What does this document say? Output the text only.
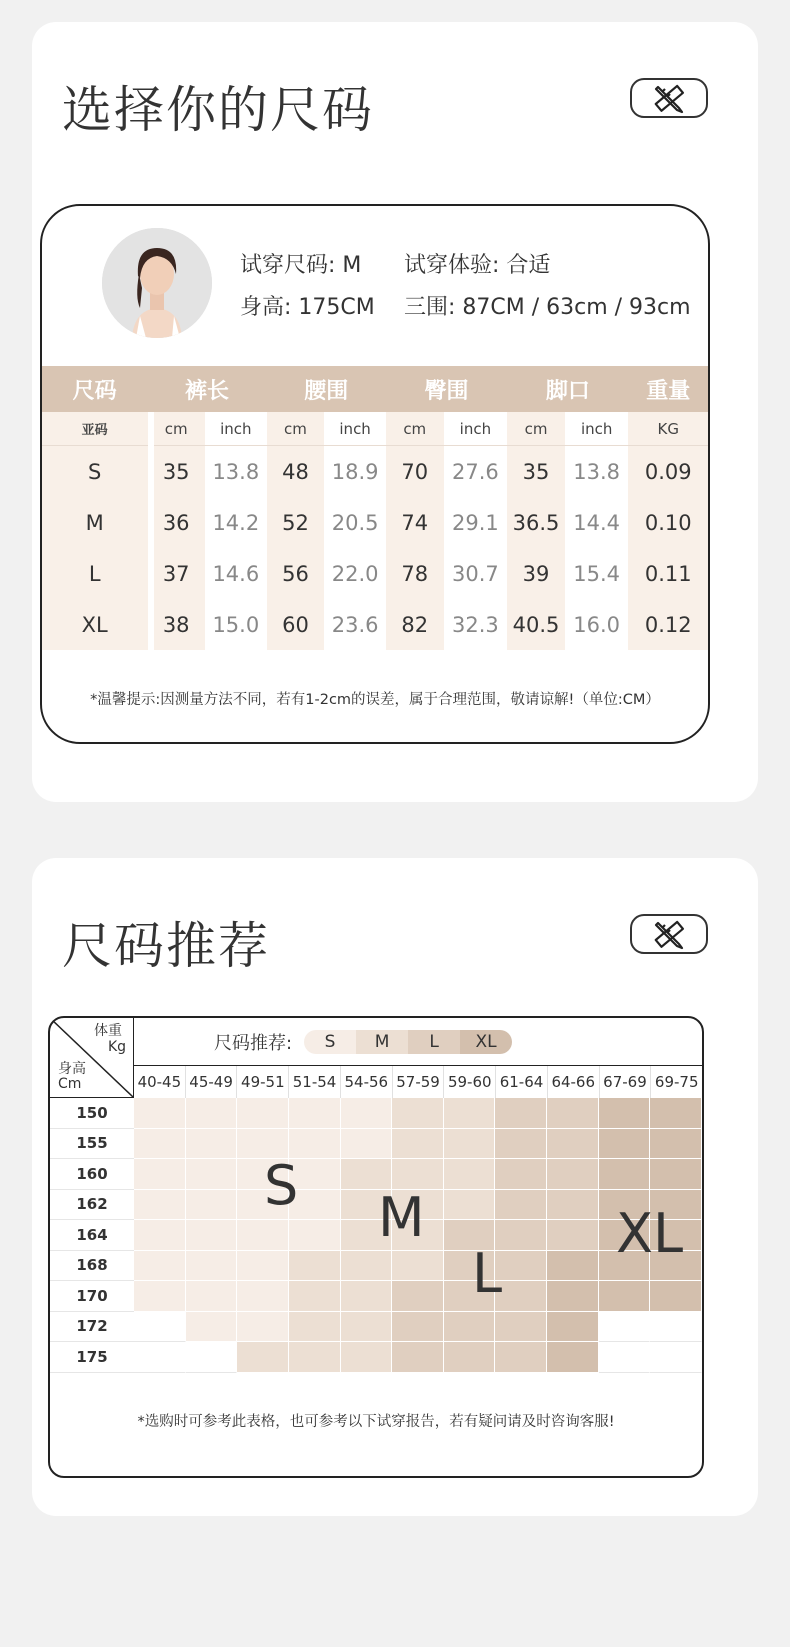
选择你的尺码
试穿尺码: M 试穿体验: 合适
身高: 175CM 三围: 87CM / 63cm / 93cm
尺码	裤长	腰围	臀围	脚口	重量
亚码	cm	inch	cm	inch	cm	inch	cm	inch	KG
S	35	13.8	48	18.9	70	27.6	35	13.8	0.09
M	36	14.2	52	20.5	74	29.1 36.5 14.4	0.10
L	37	14.6	56	22.0	78	30.7	39	15.4	0.11
XL	38	15.0	60	23.6	82	32.3 40.5 16.0	0.12
*温馨提示:因测量方法不同，若有1-2cm的误差，属于合理范围，敬请谅解!（单位:CM）
尺码推荐
体重
Kg
身高
Cm
尺码推荐:	S	M	L	XL
40-45 45-49 49-51 51-54 54-56 57-59 59-60 61-64 64-66 67-69 69-75
150
155
160
162
164
168
170
172
175
S
M
L
XL
*选购时可参考此表格，也可参考以下试穿报告，若有疑问请及时咨询客服!
